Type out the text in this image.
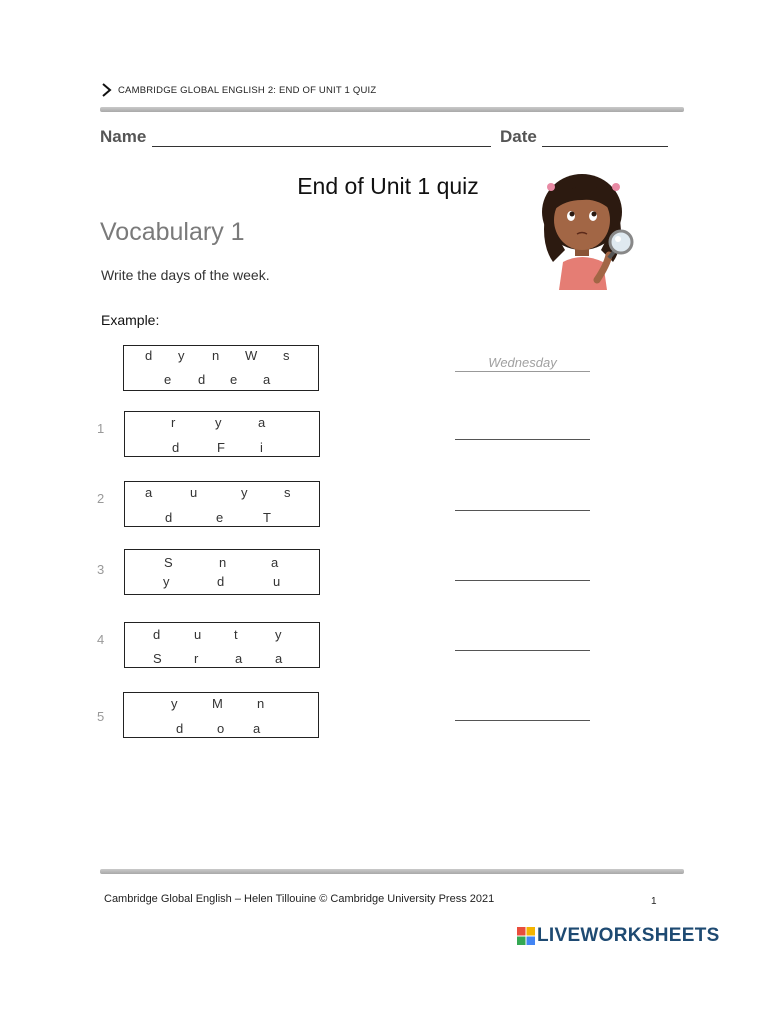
CAMBRIDGE GLOBAL ENGLISH 2: END OF UNIT 1 QUIZ
Name	Date
End of Unit 1 quiz
Vocabulary 1
Write the days of the week.
Example:
d y n W s
e d e a
Wednesday
1	r	y	a
d	F	i
2	a	u	y	s
d	e	T
3	S	n	a
y	d	u
4	d	u	t	y
S r	a	a
5
y	M	n
d	o a
Cambridge Global English – Helen Tillouine © Cambridge University Press 2021	1
LIVEWORKSHEETS
